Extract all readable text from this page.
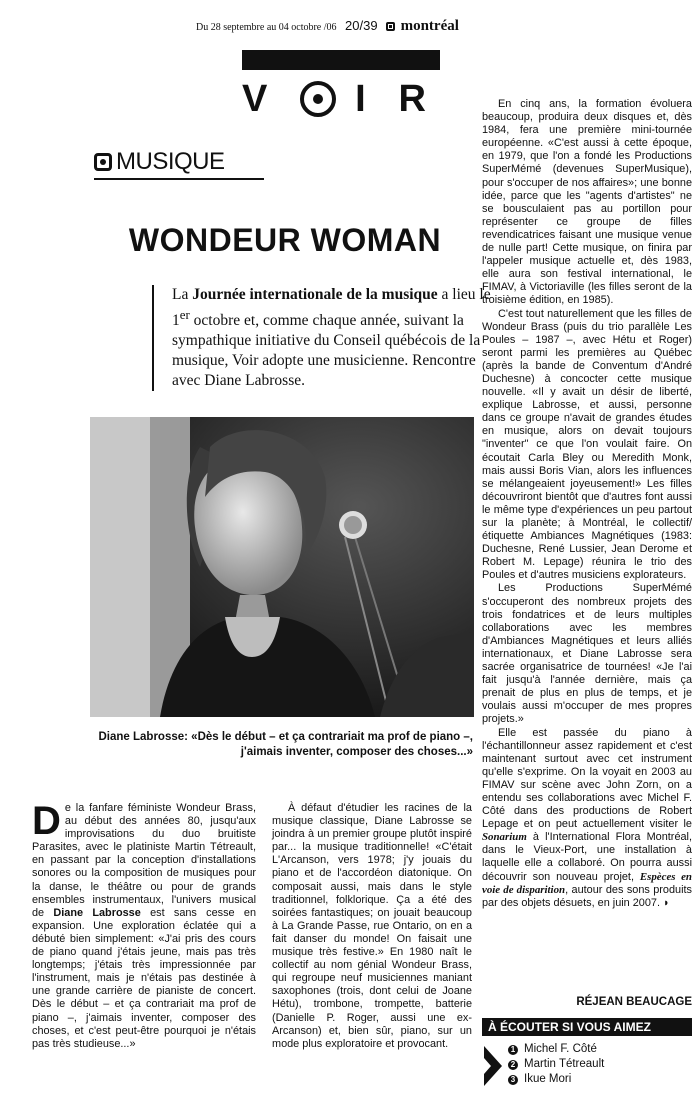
Du 28 septembre au 04 octobre /06 20/39 montréal
V I R
MUSIQUE
WONDEUR WOMAN
La Journée internationale de la musique a lieu le 1er octobre et, comme chaque année, suivant la sympathique initiative du Conseil québécois de la musique, Voir adopte une musicienne. Rencontre avec Diane Labrosse.
Diane Labrosse: «Dès le début – et ça contrariait ma prof de piano –, j'aimais inventer, composer des choses...»
De la fanfare féministe Wondeur Brass, au début des années 80, jusqu'aux improvisations du duo bruitiste Parasites, avec le platiniste Martin Tétreault, en passant par la conception d'installations sonores ou la composition de musiques pour la danse, le théâtre ou pour de grands ensembles instrumentaux, l'univers musical de Diane Labrosse est sans cesse en expansion. Une exploration éclatée qui a débuté bien simplement: «J'ai pris des cours de piano quand j'étais jeune, mais pas très longtemps; j'étais très impressionnée par l'instrument, mais je n'étais pas destinée à une grande carrière de pianiste de concert. Dès le début – et ça contrariait ma prof de piano –, j'aimais inventer, composer des choses, et c'est peut-être pourquoi je n'étais pas très studieuse...»

À défaut d'étudier les racines de la musique classique, Diane Labrosse se joindra à un premier groupe plutôt inspiré par... la musique traditionnelle! «C'était L'Arcanson, vers 1978; j'y jouais du piano et de l'accordéon diatonique. On composait aussi, mais dans le style traditionnel, folklorique. Ça a été des soirées fantastiques; on jouait beaucoup à La Grande Passe, rue Ontario, on en a fait danser du monde! On faisait une musique très festive.» En 1980 naît le collectif au nom génial Wondeur Brass, qui regroupe neuf musiciennes maniant saxophones (trois, dont celui de Joane Hétu), trombone, trompette, batterie (Danielle P. Roger, aussi une ex-Arcanson) et, bien sûr, piano, sur un mode plus exploratoire et provocant.

En cinq ans, la formation évoluera beaucoup, produira deux disques et, dès 1984, fera une première mini-tournée européenne. «C'est aussi à cette époque, en 1979, que l'on a fondé les Productions SuperMémé (devenues SuperMusique), pour s'occuper de nos affaires»; une bonne idée, parce que les "agents d'artistes" ne se bousculaient pas au portillon pour représenter ce groupe de filles revendicatrices faisant une musique venue de nulle part! Cette musique, on finira par l'appeler musique actuelle et, dès 1983, elle aura son festival international, le FIMAV, à Victoriaville (les filles seront de la troisième édition, en 1985).

C'est tout naturellement que les filles de Wondeur Brass (puis du trio parallèle Les Poules – 1987 –, avec Hétu et Roger) seront parmi les premières au Québec (après la bande de Conventum d'André Duchesne) à concocter cette musique nouvelle. «Il y avait un désir de liberté, explique Labrosse, et aussi, personne dans ce groupe n'avait de grandes études en musique, alors on devait toujours "inventer" ce que l'on voulait faire. On écoutait Carla Bley ou Meredith Monk, mais aussi Boris Vian, alors les influences se mélangeaient joyeusement!» Les filles découvriront bientôt que d'autres font aussi le même type d'expériences un peu partout sur la planète; à Montréal, le collectif/étiquette Ambiances Magnétiques (1983: Duchesne, René Lussier, Jean Derome et Robert M. Lepage) réunira le trio des Poules et d'autres musiciens explorateurs.

Les Productions SuperMémé s'occuperont des nombreux projets des trois fondatrices et de leurs multiples collaborations avec les membres d'Ambiances Magnétiques et leurs alliés internationaux, et Diane Labrosse sera sacrée organisatrice de tournées! «Je l'ai fait jusqu'à l'année dernière, mais ça prenait de plus en plus de temps, et je voulais aussi m'occuper de mes propres projets.»

Elle est passée du piano à l'échantillonneur assez rapidement et c'est maintenant surtout avec cet instrument qu'elle s'exprime. On la voyait en 2003 au FIMAV sur scène avec John Zorn, on a entendu ses collaborations avec Michel F. Côté dans des productions de Robert Lepage et on peut actuellement visiter le Sonarium à l'International Flora Montréal, dans le Vieux-Port, une installation à laquelle elle a collaboré. On pourra aussi découvrir son nouveau projet, Espèces en voie de disparition, autour des sons produits par des objets désuets, en juin 2007. ◗

RÉJEAN BEAUCAGE
À ÉCOUTER SI VOUS AIMEZ
1 Michel F. Côté
2 Martin Tétreault
3 Ikue Mori
